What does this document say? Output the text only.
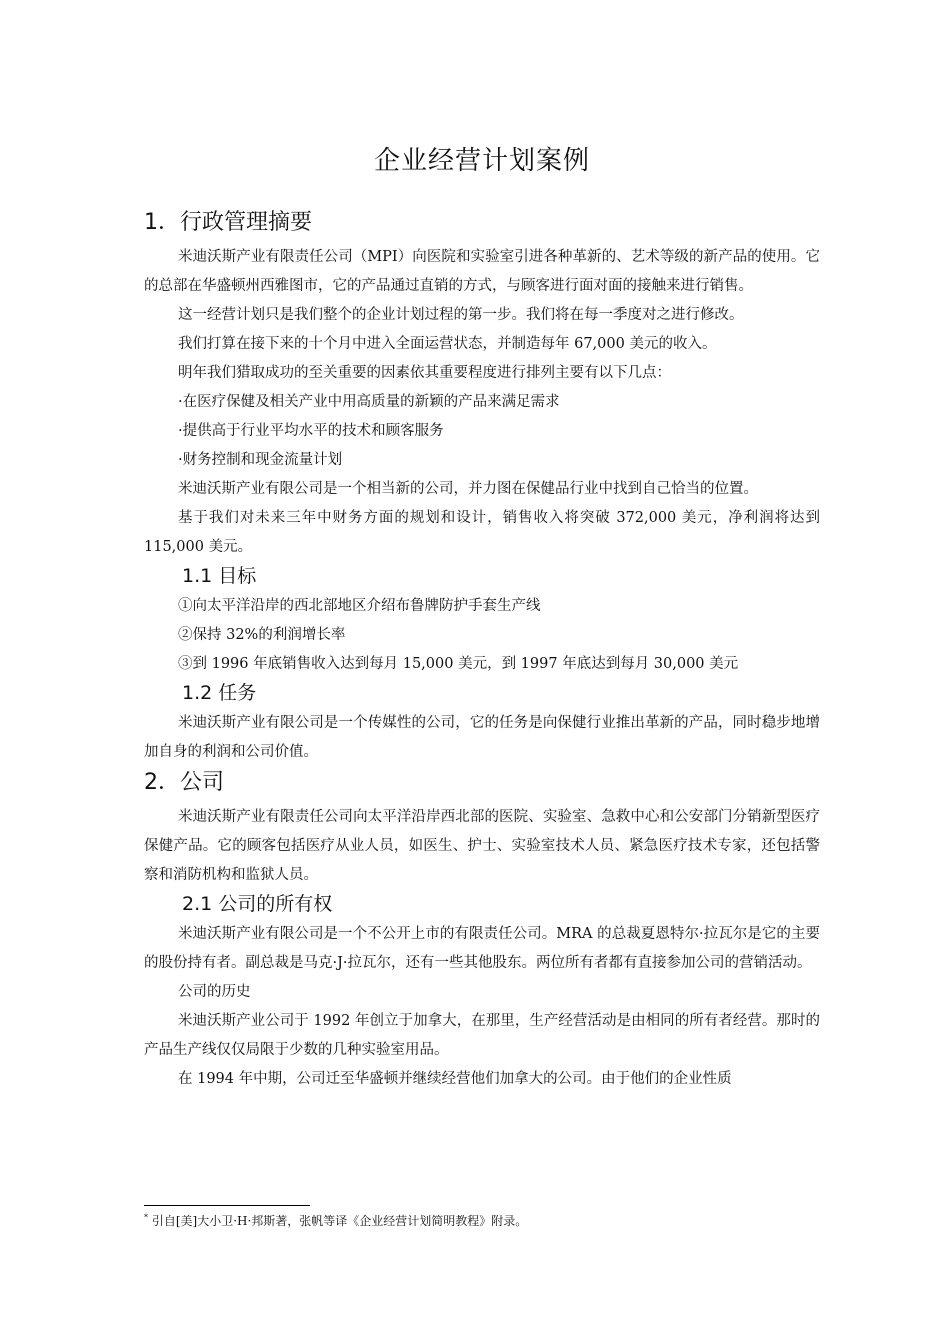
企业经营计划案例
1．行政管理摘要

米迪沃斯产业有限责任公司（MPI）向医院和实验室引进各种革新的、艺术等级的新产品的使用。它的总部在华盛顿州西雅图市，它的产品通过直销的方式，与顾客进行面对面的接触来进行销售。

这一经营计划只是我们整个的企业计划过程的第一步。我们将在每一季度对之进行修改。

我们打算在接下来的十个月中进入全面运营状态，并制造每年 67,000 美元的收入。

明年我们猎取成功的至关重要的因素依其重要程度进行排列主要有以下几点：

·在医疗保健及相关产业中用高质量的新颖的产品来满足需求

·提供高于行业平均水平的技术和顾客服务

·财务控制和现金流量计划

米迪沃斯产业有限公司是一个相当新的公司，并力图在保健品行业中找到自己恰当的位置。

基于我们对未来三年中财务方面的规划和设计，销售收入将突破 372,000 美元，净利润将达到 115,000 美元。

1.1 目标

①向太平洋沿岸的西北部地区介绍布鲁牌防护手套生产线

②保持 32%的利润增长率

③到 1996 年底销售收入达到每月 15,000 美元，到 1997 年底达到每月 30,000 美元

1.2 任务

米迪沃斯产业有限公司是一个传媒性的公司，它的任务是向保健行业推出革新的产品，同时稳步地增加自身的利润和公司价值。

2．公司

米迪沃斯产业有限责任公司向太平洋沿岸西北部的医院、实验室、急救中心和公安部门分销新型医疗保健产品。它的顾客包括医疗从业人员，如医生、护士、实验室技术人员、紧急医疗技术专家，还包括警察和消防机构和监狱人员。

2.1 公司的所有权

米迪沃斯产业有限公司是一个不公开上市的有限责任公司。MRA 的总裁夏恩特尔·拉瓦尔是它的主要的股份持有者。副总裁是马克·J·拉瓦尔，还有一些其他股东。两位所有者都有直接参加公司的营销活动。

公司的历史

米迪沃斯产业公司于 1992 年创立于加拿大，在那里，生产经营活动是由相同的所有者经营。那时的产品生产线仅仅局限于少数的几种实验室用品。

在 1994 年中期，公司迁至华盛顿并继续经营他们加拿大的公司。由于他们的企业性质

* 引自[美]大小卫·H·邦斯著，张帆等译《企业经营计划简明教程》附录。
